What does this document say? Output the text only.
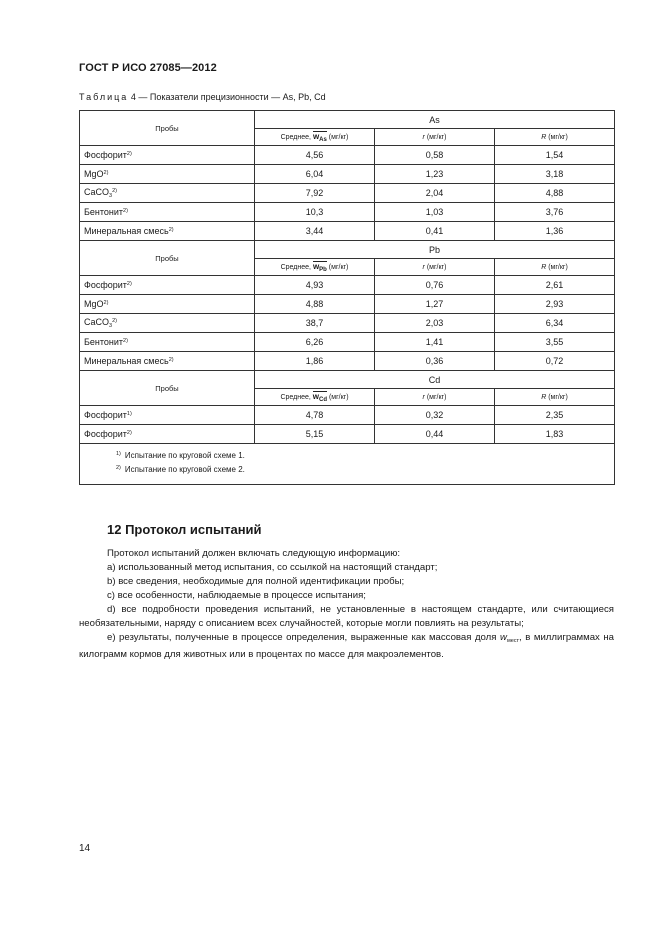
ГОСТ Р ИСО 27085—2012
Таблица 4 — Показатели прецизионности — As, Pb, Cd
Пробы	As		
	Среднее, $w_{As}$ (мг/кг)	r (мг/кг)	R (мг/кг)
Фосфорит$^{2)}$	4,56	0,58	1,54
MgO$^{2)}$	6,04	1,23	3,18
CaCO$_3^{2)}$	7,92	2,04	4,88
Бентонит$^{2)}$	10,3	1,03	3,76
Минеральная смесь$^{2)}$	3,44	0,41	1,36
Пробы	Pb		
	Среднее, $w_{Pb}$ (мг/кг)	r (мг/кг)	R (мг/кг)
Фосфорит$^{2)}$	4,93	0,76	2,61
MgO$^{2)}$	4,88	1,27	2,93
CaCO$_3^{2)}$	38,7	2,03	6,34
Бентонит$^{2)}$	6,26	1,41	3,55
Минеральная смесь$^{2)}$	1,86	0,36	0,72
Пробы	Cd		
	Среднее, $w_{Cd}$ (мг/кг)	r (мг/кг)	R (мг/кг)
Фосфорит$^{1)}$	4,78	0,32	2,35
Фосфорит$^{2)}$	5,15	0,44	1,83

$^{1)}$ Испытание по круговой схеме 1.
$^{2)}$ Испытание по круговой схеме 2.			
12 Протокол испытаний

Протокол испытаний должен включать следующую информацию:

а) использованный метод испытания, со ссылкой на настоящий стандарт;

b) все сведения, необходимые для полной идентификации пробы;

c) все особенности, наблюдаемые в процессе испытания;

d) все подробности проведения испытаний, не установленные в настоящем стандарте, или считающиеся необязательными, наряду с описанием всех случайностей, которые могли повлиять на результаты;

е) результаты, полученные в процессе определения, выраженные как массовая доля $w_{мест}$, в миллиграммах на килограмм кормов для животных или в процентах по массе для макроэлементов.

14
